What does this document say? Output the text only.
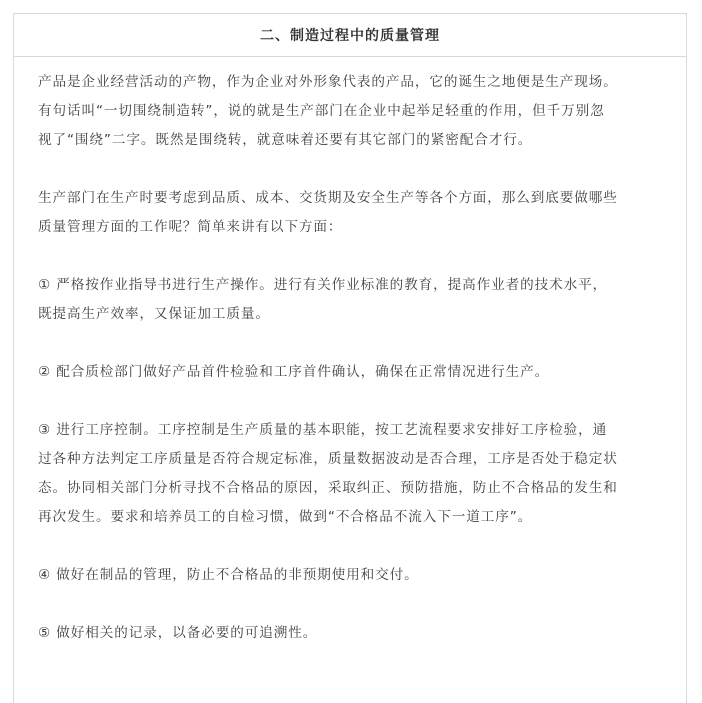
二、制造过程中的质量管理

产品是企业经营活动的产物，作为企业对外形象代表的产品，它的诞生之地便是生产现场。
有句话叫“一切围绕制造转”，说的就是生产部门在企业中起举足轻重的作用，但千万别忽
视了“围绕”二字。既然是围绕转，就意味着还要有其它部门的紧密配合才行。

生产部门在生产时要考虑到品质、成本、交货期及安全生产等各个方面，那么到底要做哪些
质量管理方面的工作呢？简单来讲有以下方面：

① 严格按作业指导书进行生产操作。进行有关作业标准的教育，提高作业者的技术水平，
既提高生产效率，又保证加工质量。

② 配合质检部门做好产品首件检验和工序首件确认，确保在正常情况进行生产。

③ 进行工序控制。工序控制是生产质量的基本职能，按工艺流程要求安排好工序检验，通
过各种方法判定工序质量是否符合规定标准，质量数据波动是否合理，工序是否处于稳定状
态。协同相关部门分析寻找不合格品的原因，采取纠正、预防措施，防止不合格品的发生和
再次发生。要求和培养员工的自检习惯，做到“不合格品不流入下一道工序”。

④ 做好在制品的管理，防止不合格品的非预期使用和交付。

⑤ 做好相关的记录，以备必要的可追溯性。
